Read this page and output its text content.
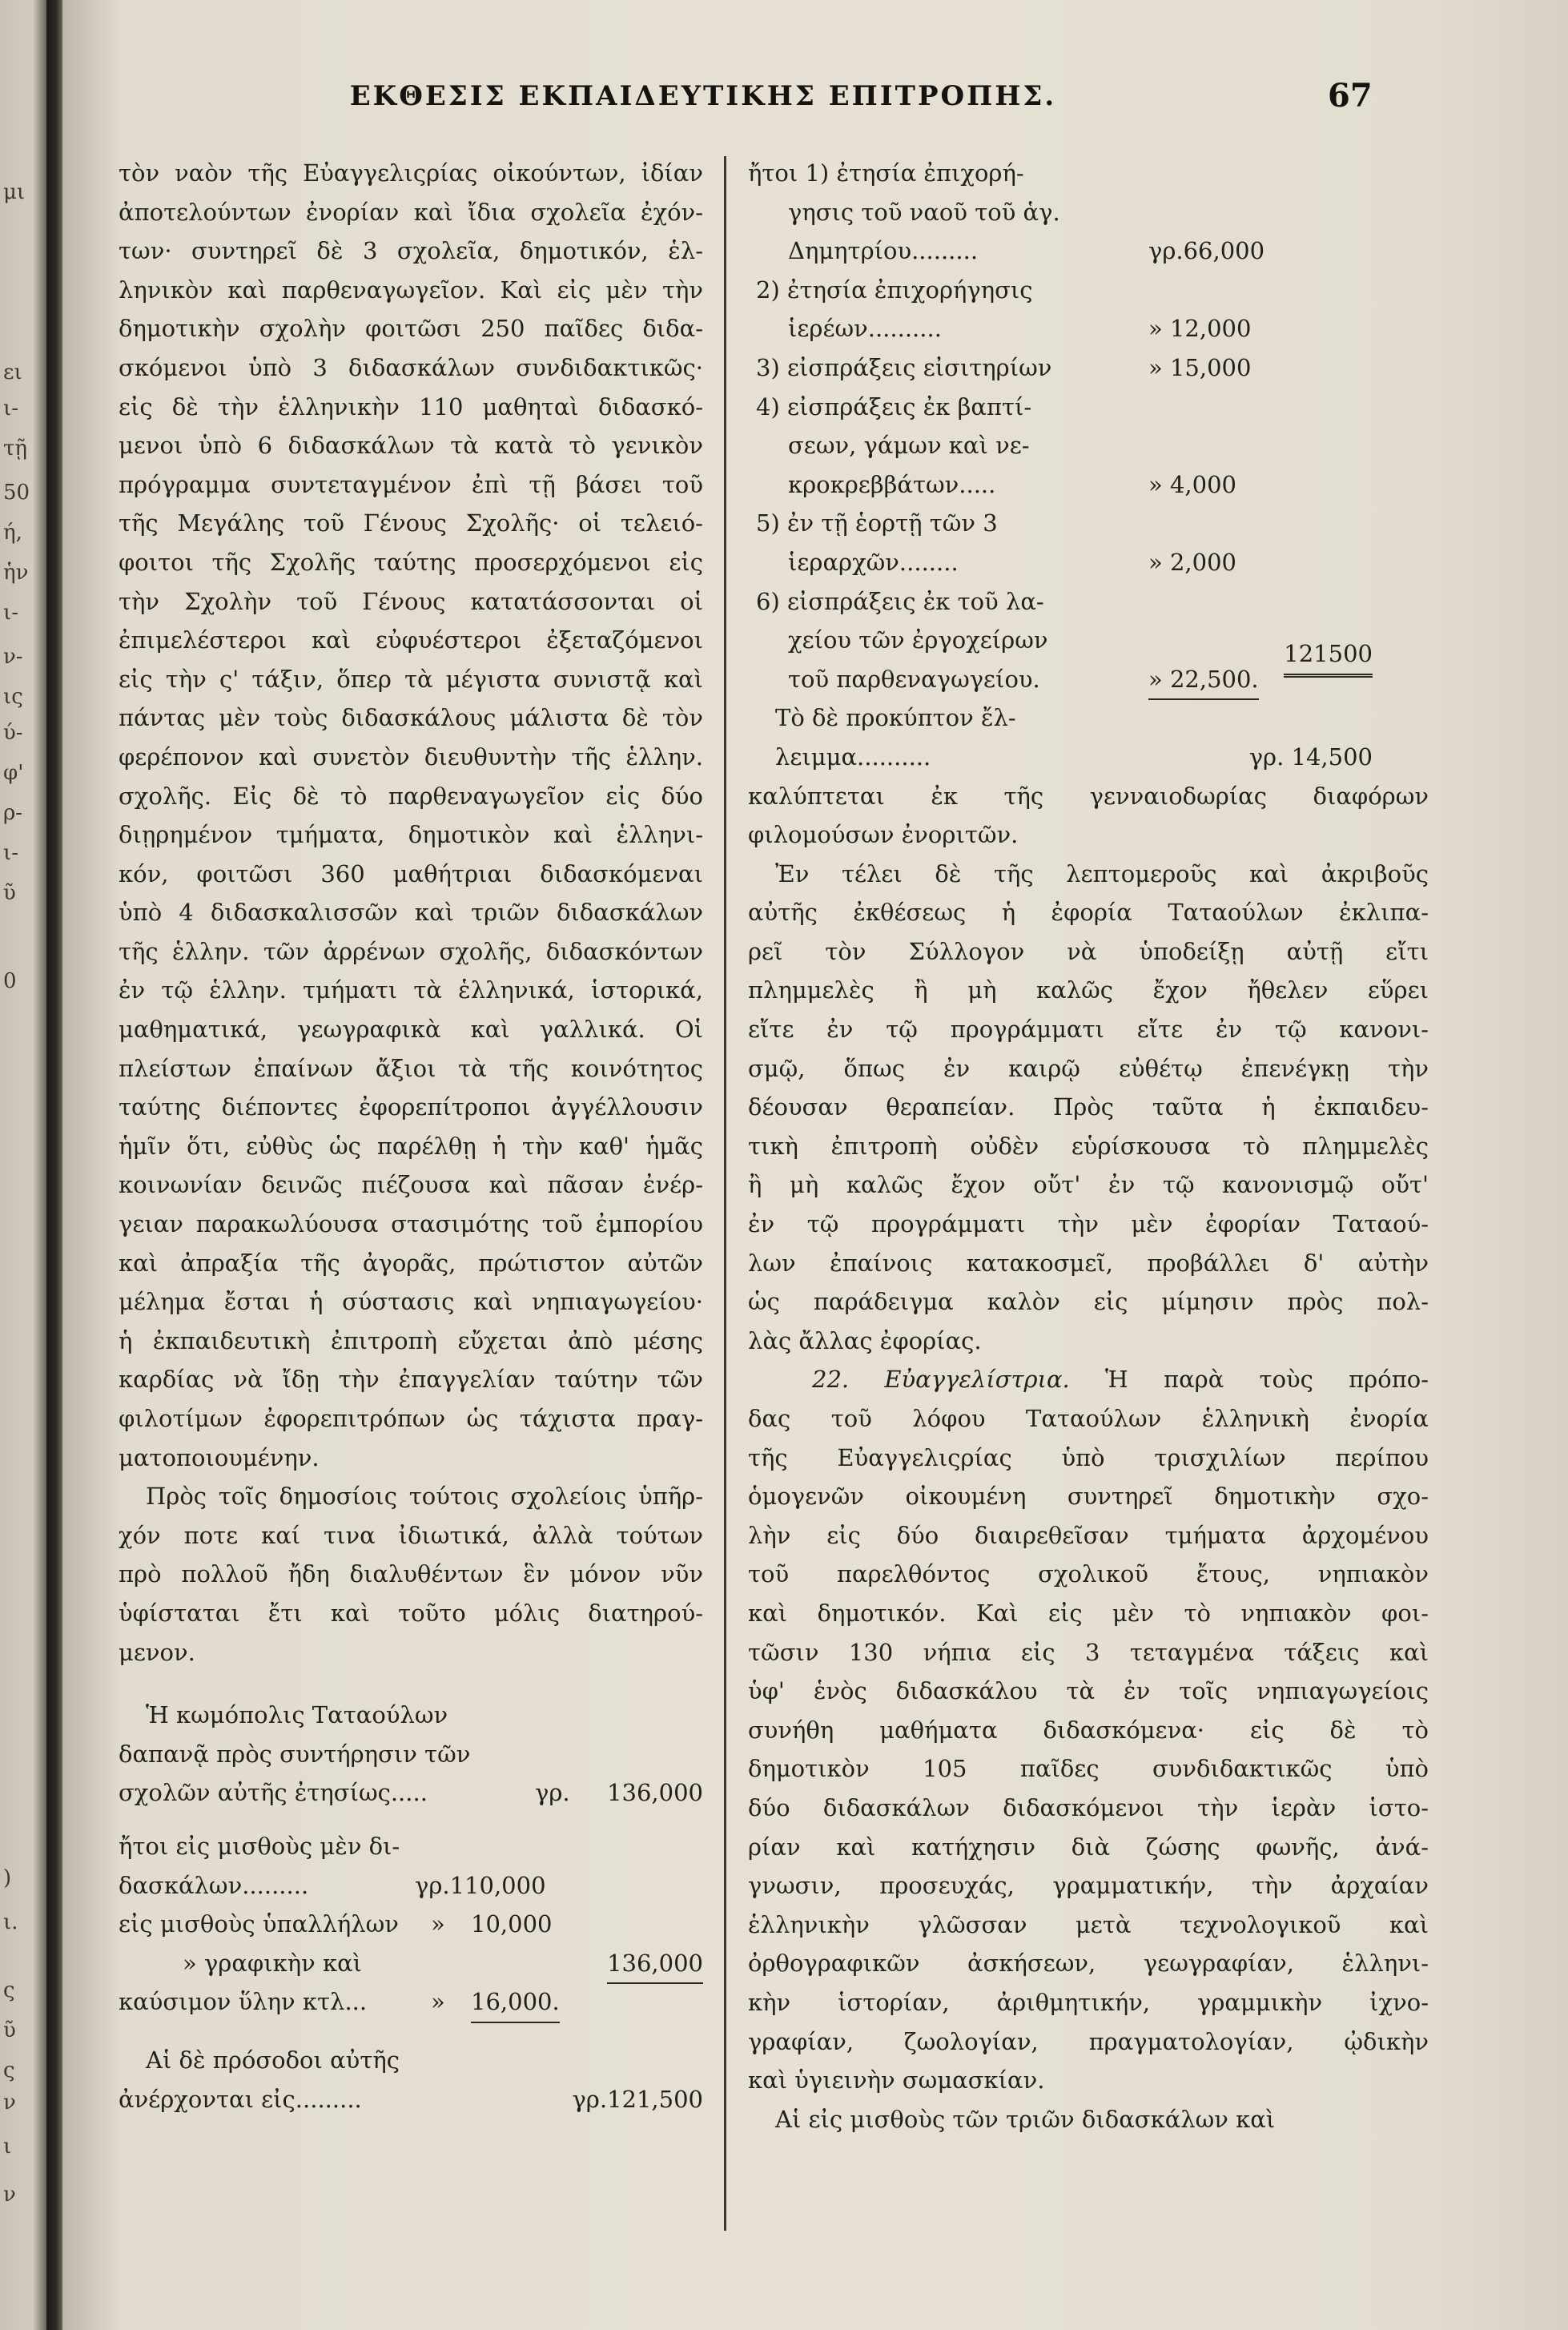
μι
ει
ι-
τῇ
50
ή,
ἡν
ι-
ν-
ις
ύ-
φ'
ρ-
ι-
ῦ
0
)
ι.
ς
ῦ
ς
ν
ι
ν
ΕΚΘΕΣΙΣ ΕΚΠΑΙΔΕΥΤΙΚΗΣ ΕΠΙΤΡΟΠΗΣ.	67
τὸν ναὸν τῆς Εὐαγγελιςρίας οἰκούντων, ἰδίαν
ἀποτελούντων ἐνορίαν καὶ ἴδια σχολεῖα ἐχόν-
των· συντηρεῖ δὲ 3 σχολεῖα, δημοτικόν, ἑλ-
ληνικὸν καὶ παρθεναγωγεῖον. Καὶ εἰς μὲν τὴν
δημοτικὴν σχολὴν φοιτῶσι 250 παῖδες διδα-
σκόμενοι ὑπὸ 3 διδασκάλων συνδιδακτικῶς·
εἰς δὲ τὴν ἑλληνικὴν 110 μαθηταὶ διδασκό-
μενοι ὑπὸ 6 διδασκάλων τὰ κατὰ τὸ γενικὸν
πρόγραμμα συντεταγμένον ἐπὶ τῇ βάσει τοῦ
τῆς Μεγάλης τοῦ Γένους Σχολῆς· οἱ τελειό-
φοιτοι τῆς Σχολῆς ταύτης προσερχόμενοι εἰς
τὴν Σχολὴν τοῦ Γένους κατατάσσονται οἱ
ἐπιμελέστεροι καὶ εὐφυέστεροι ἐξεταζόμενοι
εἰς τὴν ς' τάξιν, ὅπερ τὰ μέγιστα συνιστᾷ καὶ
πάντας μὲν τοὺς διδασκάλους μάλιστα δὲ τὸν
φερέπονον καὶ συνετὸν διευθυντὴν τῆς ἑλλην.
σχολῆς. Εἰς δὲ τὸ παρθεναγωγεῖον εἰς δύο
διῃρημένον τμήματα, δημοτικὸν καὶ ἑλληνι-
κόν, φοιτῶσι 360 μαθήτριαι διδασκόμεναι
ὑπὸ 4 διδασκαλισσῶν καὶ τριῶν διδασκάλων
τῆς ἑλλην. τῶν ἀρρένων σχολῆς, διδασκόντων
ἐν τῷ ἑλλην. τμήματι τὰ ἑλληνικά, ἱστορικά,
μαθηματικά, γεωγραφικὰ καὶ γαλλικά. Οἱ
πλείστων ἐπαίνων ἄξιοι τὰ τῆς κοινότητος
ταύτης διέποντες ἐφορεπίτροποι ἀγγέλλουσιν
ἡμῖν ὅτι, εὐθὺς ὡς παρέλθῃ ἡ τὴν καθ' ἡμᾶς
κοινωνίαν δεινῶς πιέζουσα καὶ πᾶσαν ἐνέρ-
γειαν παρακωλύουσα στασιμότης τοῦ ἐμπορίου
καὶ ἀπραξία τῆς ἀγορᾶς, πρώτιστον αὐτῶν
μέλημα ἔσται ἡ σύστασις καὶ νηπιαγωγείου·
ἡ ἐκπαιδευτικὴ ἐπιτροπὴ εὔχεται ἀπὸ μέσης
καρδίας νὰ ἴδῃ τὴν ἐπαγγελίαν ταύτην τῶν
φιλοτίμων ἐφορεπιτρόπων ὡς τάχιστα πραγ-
ματοποιουμένην.
Πρὸς τοῖς δημοσίοις τούτοις σχολείοις ὑπῆρ-
χόν ποτε καί τινα ἰδιωτικά, ἀλλὰ τούτων
πρὸ πολλοῦ ἤδη διαλυθέντων ἓν μόνον νῦν
ὑφίσταται ἔτι καὶ τοῦτο μόλις διατηρού-
μενον.
Ἡ κωμόπολις Ταταούλων
δαπανᾷ πρὸς συντήρησιν τῶν
σχολῶν αὐτῆς ἐτησίως.....	γρ. 136,000
ἤτοι εἰς μισθοὺς μὲν δι-
δασκάλων.........	γρ.110,000
εἰς μισθοὺς ὑπαλλήλων » 10,000
» γραφικὴν καὶ	136,000
καύσιμον ὕλην κτλ...	» 16,000.
Αἱ δὲ πρόσοδοι αὐτῆς
ἀνέρχονται εἰς.........	γρ.121,500
ἤτοι 1) ἐτησία ἐπιχορή-
γησις τοῦ ναοῦ τοῦ ἁγ.
Δημητρίου.........	γρ.66,000
2) ἐτησία ἐπιχορήγησις
ἱερέων..........	» 12,000
3) εἰσπράξεις εἰσιτηρίων	» 15,000
4) εἰσπράξεις ἐκ βαπτί-
σεων, γάμων καὶ νε-
κροκρεββάτων.....	» 4,000
5) ἐν τῇ ἑορτῇ τῶν 3
ἱεραρχῶν........	» 2,000
6) εἰσπράξεις ἐκ τοῦ λα-
χείου τῶν ἐργοχείρων	121500
τοῦ παρθεναγωγείου.	» 22,500.
Τὸ δὲ προκύπτον ἔλ-
λειμμα..........	γρ. 14,500
καλύπτεται ἐκ τῆς γενναιοδωρίας διαφόρων
φιλομούσων ἐνοριτῶν.
Ἐν τέλει δὲ τῆς λεπτομεροῦς καὶ ἀκριβοῦς
αὐτῆς ἐκθέσεως ἡ ἐφορία Ταταούλων ἐκλιπα-
ρεῖ τὸν Σύλλογον νὰ ὑποδείξῃ αὐτῇ εἴτι
πλημμελὲς ἢ μὴ καλῶς ἔχον ἤθελεν εὕρει
εἴτε ἐν τῷ προγράμματι εἴτε ἐν τῷ κανονι-
σμῷ, ὅπως ἐν καιρῷ εὐθέτῳ ἐπενέγκῃ τὴν
δέουσαν θεραπείαν. Πρὸς ταῦτα ἡ ἐκπαιδευ-
τικὴ ἐπιτροπὴ οὐδὲν εὑρίσκουσα τὸ πλημμελὲς
ἢ μὴ καλῶς ἔχον οὔτ' ἐν τῷ κανονισμῷ οὔτ'
ἐν τῷ προγράμματι τὴν μὲν ἐφορίαν Ταταού-
λων ἐπαίνοις κατακοσμεῖ, προβάλλει δ' αὐτὴν
ὡς παράδειγμα καλὸν εἰς μίμησιν πρὸς πολ-
λὰς ἄλλας ἐφορίας.
22. Εὐαγγελίστρια. Ἡ παρὰ τοὺς πρόπο-
δας τοῦ λόφου Ταταούλων ἑλληνικὴ ἐνορία
τῆς Εὐαγγελιςρίας ὑπὸ τρισχιλίων περίπου
ὁμογενῶν οἰκουμένη συντηρεῖ δημοτικὴν σχο-
λὴν εἰς δύο διαιρεθεῖσαν τμήματα ἀρχομένου
τοῦ παρελθόντος σχολικοῦ ἔτους, νηπιακὸν
καὶ δημοτικόν. Καὶ εἰς μὲν τὸ νηπιακὸν φοι-
τῶσιν 130 νήπια εἰς 3 τεταγμένα τάξεις καὶ
ὑφ' ἑνὸς διδασκάλου τὰ ἐν τοῖς νηπιαγωγείοις
συνήθη μαθήματα διδασκόμενα· εἰς δὲ τὸ
δημοτικὸν 105 παῖδες συνδιδακτικῶς ὑπὸ
δύο διδασκάλων διδασκόμενοι τὴν ἱερὰν ἱστο-
ρίαν καὶ κατήχησιν διὰ ζώσης φωνῆς, ἀνά-
γνωσιν, προσευχάς, γραμματικήν, τὴν ἀρχαίαν
ἑλληνικὴν γλῶσσαν μετὰ τεχνολογικοῦ καὶ
ὀρθογραφικῶν ἀσκήσεων, γεωγραφίαν, ἑλληνι-
κὴν ἱστορίαν, ἀριθμητικήν, γραμμικὴν ἰχνο-
γραφίαν, ζωολογίαν, πραγματολογίαν, ᾠδικὴν
καὶ ὑγιεινὴν σωμασκίαν.
Αἱ εἰς μισθοὺς τῶν τριῶν διδασκάλων καὶ
